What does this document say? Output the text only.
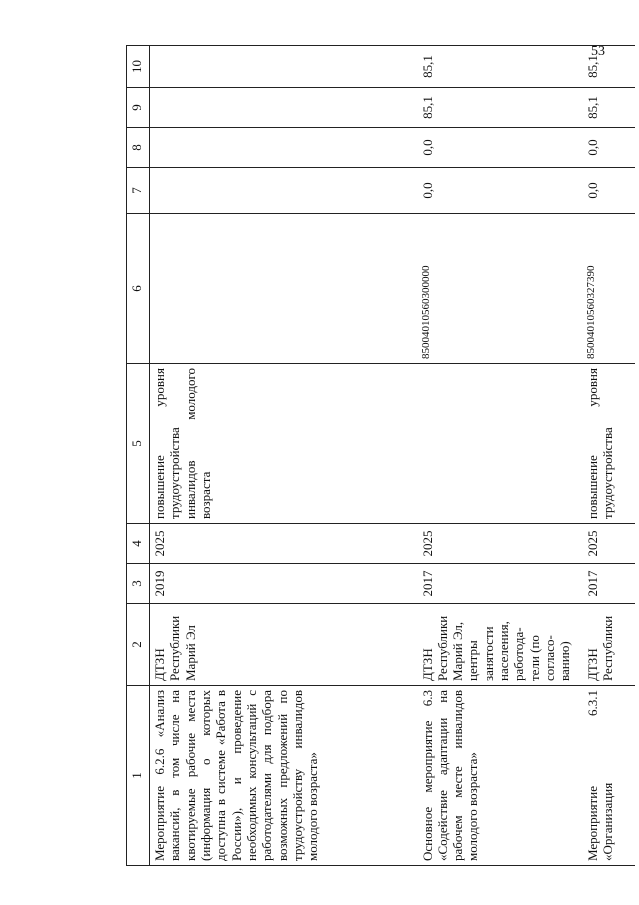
53
1	2	3	4	5	6	7	8	9	10
Мероприятие 6.2.6 «Анализ вакансий, в том числе на квотируемые рабочие места (информация о которых доступна в системе «Работа в России»), и проведение необходимых консультаций с работодателями для подбора возможных предложений по трудоустройству инвалидов молодого возраста»	ДТЗН Республики Марий Эл	2019	2025	повышение уровня трудоустройства инвалидов молодого возраста					
Основное мероприятие 6.3 «Содействие адаптации на рабочем месте инвалидов молодого возраста»	ДТЗН Республики Марий Эл, центры занятости населения, работода-тели (по согласо-ванию)	2017	2025		85004010560300000	0,0	0,0	85,1	85,1
Мероприятие 6.3.1 «Организация	ДТЗН Республики	2017	2025	повышение уровня трудоустройства	85004010560327390	0,0	0,0	85,1	85,1
